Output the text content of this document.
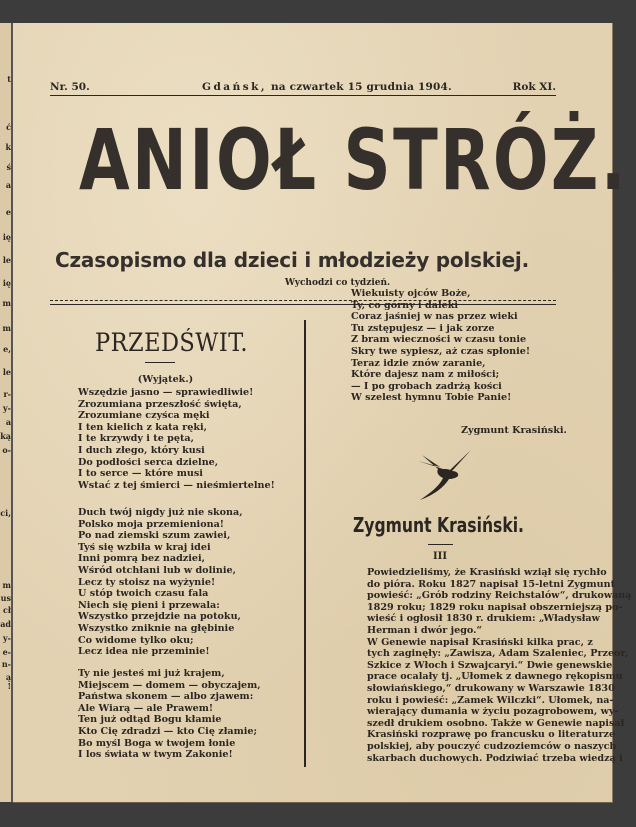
t
ć
k
ś
a
e
ię
le
ię
m
m
e,
le
r-
y-
a
ką
o-
ci,
m
us
cł
ad
y-
e-
n-
ą !
Nr. 50.	Gdańsk, na czwartek 15 grudnia 1904.	Rok XI.
ANIOŁ STRÓŻ.
Czasopismo dla dzieci i młodzieży polskiej.
Wychodzi co tydzień.
PRZEDŚWIT.
(Wyjątek.)
Wszędzie jasno — sprawiedliwie!
Zrozumiana przeszłość święta,
Zrozumiane czyśca męki
I ten kielich z kata ręki,
I te krzywdy i te pęta,
I duch złego, który kusi
Do podłości serca dzielne,
I to serce — które musi
Wstać z tej śmierci — nieśmiertelne!
Duch twój nigdy już nie skona,
Polsko moja przemieniona!
Po nad ziemski szum zawiei,
Tyś się wzbiła w kraj idei
Inni pomrą bez nadziei,
Wśród otchłani lub w dolinie,
Lecz ty stoisz na wyżynie!
U stóp twoich czasu fala
Niech się pieni i przewala:
Wszystko przejdzie na potoku,
Wszystko zniknie na głębinie
Co widome tylko oku;
Lecz idea nie przeminie!
Ty nie jesteś mi już krajem,
Miejscem — domem — obyczajem,
Państwa skonem — albo zjawem:
Ale Wiarą — ale Prawem!
Ten już odtąd Bogu kłamie
Kto Cię zdradzi — kto Cię złamie;
Bo myśl Boga w twojem łonie
I los świata w twym Zakonie!
Wiekuisty ojców Boże,
Ty, co górny i daleki
Coraz jaśniej w nas przez wieki
Tu zstępujesz — i jak zorze
Z bram wieczności w czasu tonie
Skry twe sypiesz, aż czas spłonie!
Teraz idzie znów zaranie,
Które dajesz nam z miłości;
— I po grobach zadrżą kości
W szelest hymnu Tobie Panie!
Zygmunt Krasiński.
Zygmunt Krasiński.
III

Powiedzieliśmy, że Krasiński wziął się rychło
do pióra. Roku 1827 napisał 15-letni Zygmunt
powieść: „Grób rodziny Reichstalów“, drukowaną
1829 roku; 1829 roku napisał obszerniejszą po-
wieść i ogłosił 1830 r. drukiem: „Władysław
Herman i dwór jego.“

W Genewie napisał Krasiński kilka prac, z
tych zaginęły: „Zawisza, Adam Szaleniec, Przeor,
Szkice z Włoch i Szwajcaryi.“ Dwie genewskie
prace ocalały tj. „Ułomek z dawnego rękopismu
słowiańskiego,“ drukowany w Warszawie 1830
roku i powieść: „Zamek Wilczki“. Ułomek, na-
wierający dumania w życiu pozagrobowem, wy-
szedł drukiem osobno. Także w Genewie napisał
Krasiński rozprawę po francusku o literaturze
polskiej, aby pouczyć cudzoziemców o naszych
skarbach duchowych. Podziwiać trzeba wiedzą i
